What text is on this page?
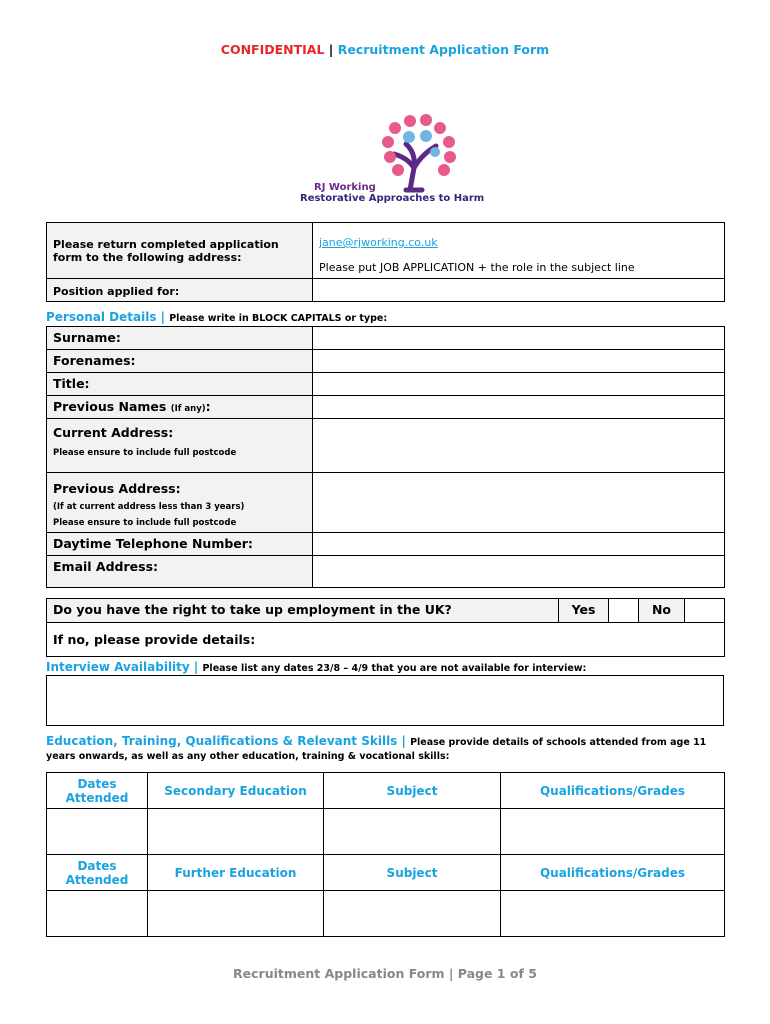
CONFIDENTIAL | Recruitment Application Form
RJ Working
Restorative Approaches to Harm
Please return completed application form to the following address:	jane@rjworking.co.uk
Please put JOB APPLICATION + the role in the subject line

Position applied for:	
Personal Details | Please write in BLOCK CAPITALS or type:
Surname:	
Forenames:	
Title:	
Previous Names (If any):	

Current Address:
Please ensure to include full postcode	

Previous Address:
(If at current address less than 3 years)
Please ensure to include full postcode	

Daytime Telephone Number:	
Email Address:	
Do you have the right to take up employment in the UK?	Yes		No	
If no, please provide details:
Interview Availability | Please list any dates 23/8 – 4/9 that you are not available for interview:
Education, Training, Qualifications & Relevant Skills | Please provide details of schools attended from age 11 years onwards, as well as any other education, training & vocational skills:
Dates Attended	Secondary Education	Subject	Qualifications/Grades

Dates Attended	Further Education	Subject	Qualifications/Grades

Recruitment Application Form | Page 1 of 5
